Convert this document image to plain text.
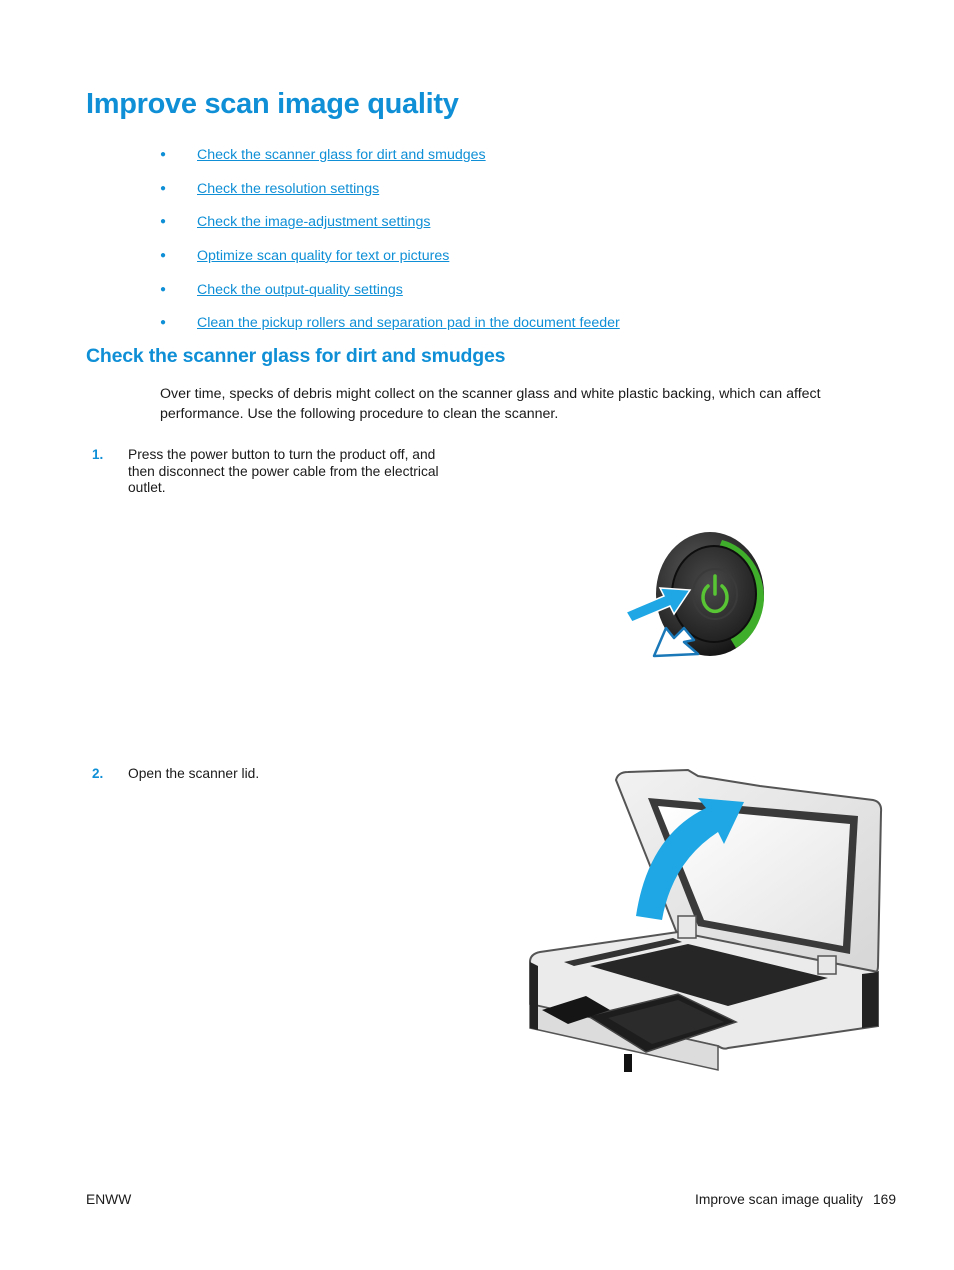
Improve scan image quality
●	Check the scanner glass for dirt and smudges
●	Check the resolution settings
●	Check the image-adjustment settings
●	Optimize scan quality for text or pictures
●	Check the output-quality settings
●	Clean the pickup rollers and separation pad in the document feeder
Check the scanner glass for dirt and smudges

Over time, specks of debris might collect on the scanner glass and white plastic backing, which can affect performance. Use the following procedure to clean the scanner.

1.	Press the power button to turn the product off, and then disconnect the power cable from the electrical outlet.
2.	Open the scanner lid.
ENWW	Improve scan image quality 169
